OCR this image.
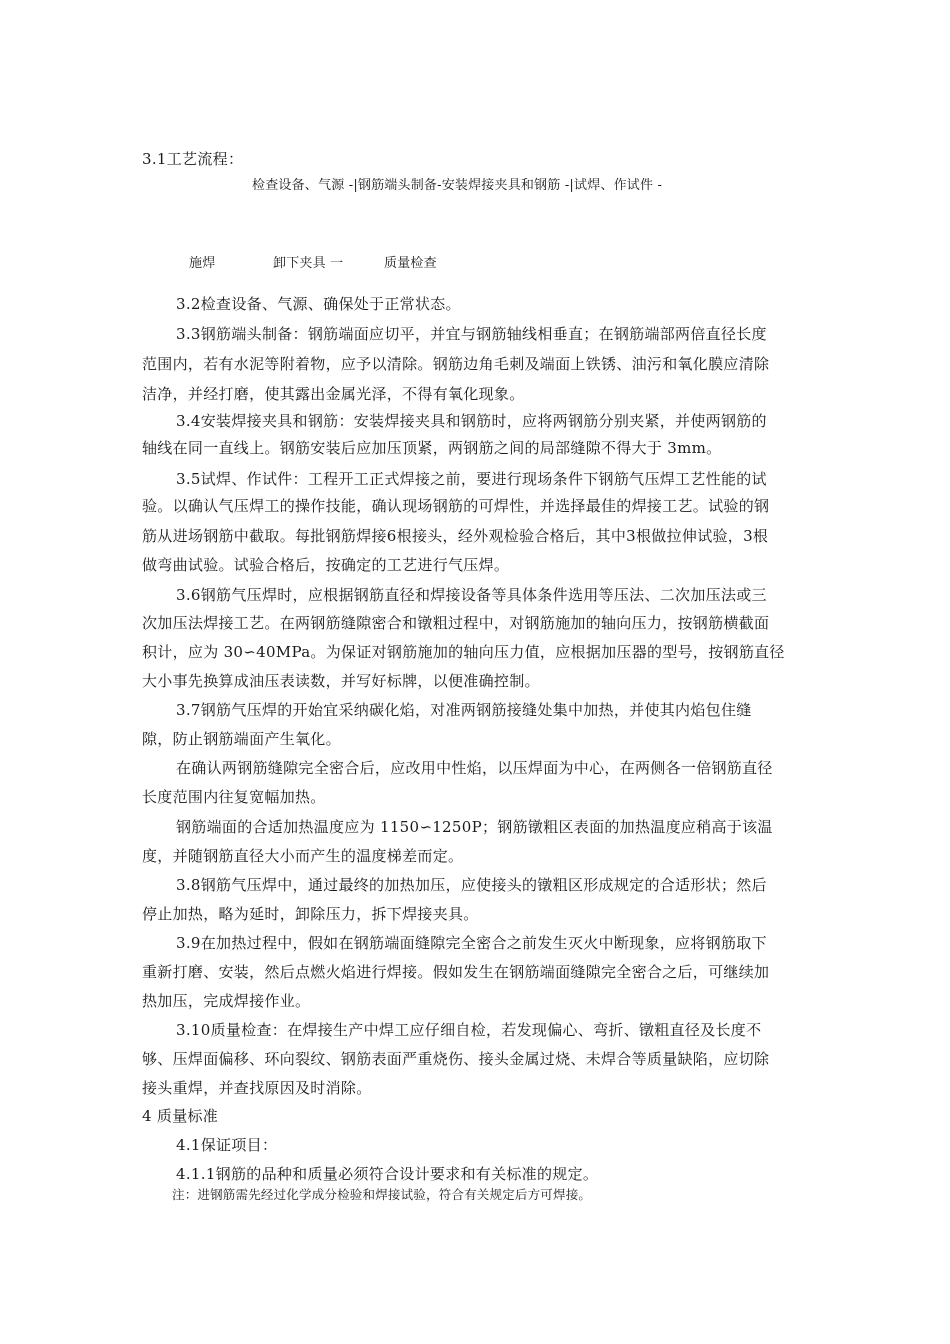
3.1工艺流程：
检查设备、气源 -|钢筋端头制备-安装焊接夹具和钢筋 -|试焊、作试件 -
施焊	卸下夹具 一	质量检查
3.2检查设备、气源、确保处于正常状态。
3.3钢筋端头制备：钢筋端面应切平，并宜与钢筋轴线相垂直；在钢筋端部两倍直径长度
范围内，若有水泥等附着物，应予以清除。钢筋边角毛刺及端面上铁锈、油污和氧化膜应清除
洁净，并经打磨，使其露出金属光泽，不得有氧化现象。
3.4安装焊接夹具和钢筋：安装焊接夹具和钢筋时，应将两钢筋分别夹紧，并使两钢筋的
轴线在同一直线上。钢筋安装后应加压顶紧，两钢筋之间的局部缝隙不得大于 3mm。
3.5试焊、作试件：工程开工正式焊接之前，要进行现场条件下钢筋气压焊工艺性能的试
验。以确认气压焊工的操作技能，确认现场钢筋的可焊性，并选择最佳的焊接工艺。试验的钢
筋从进场钢筋中截取。每批钢筋焊接6根接头，经外观检验合格后，其中3根做拉伸试验，3根
做弯曲试验。试验合格后，按确定的工艺进行气压焊。
3.6钢筋气压焊时，应根据钢筋直径和焊接设备等具体条件选用等压法、二次加压法或三
次加压法焊接工艺。在两钢筋缝隙密合和镦粗过程中，对钢筋施加的轴向压力，按钢筋横截面
积计，应为 30∽40MPa。为保证对钢筋施加的轴向压力值，应根据加压器的型号，按钢筋直径
大小事先换算成油压表读数，并写好标牌，以便准确控制。
3.7钢筋气压焊的开始宜采纳碳化焰，对准两钢筋接缝处集中加热，并使其内焰包住缝
隙，防止钢筋端面产生氧化。
在确认两钢筋缝隙完全密合后，应改用中性焰，以压焊面为中心，在两侧各一倍钢筋直径
长度范围内往复宽幅加热。
钢筋端面的合适加热温度应为 1150∽1250P；钢筋镦粗区表面的加热温度应稍高于该温
度，并随钢筋直径大小而产生的温度梯差而定。
3.8钢筋气压焊中，通过最终的加热加压，应使接头的镦粗区形成规定的合适形状；然后
停止加热，略为延时，卸除压力，拆下焊接夹具。
3.9在加热过程中，假如在钢筋端面缝隙完全密合之前发生灭火中断现象，应将钢筋取下
重新打磨、安装，然后点燃火焰进行焊接。假如发生在钢筋端面缝隙完全密合之后，可继续加
热加压，完成焊接作业。
3.10质量检查：在焊接生产中焊工应仔细自检，若发现偏心、弯折、镦粗直径及长度不
够、压焊面偏移、环向裂纹、钢筋表面严重烧伤、接头金属过烧、未焊合等质量缺陷，应切除
接头重焊，并查找原因及时消除。
4 质量标准
4.1保证项目：
4.1.1钢筋的品种和质量必须符合设计要求和有关标准的规定。
注：进钢筋需先经过化学成分检验和焊接试验，符合有关规定后方可焊接。
